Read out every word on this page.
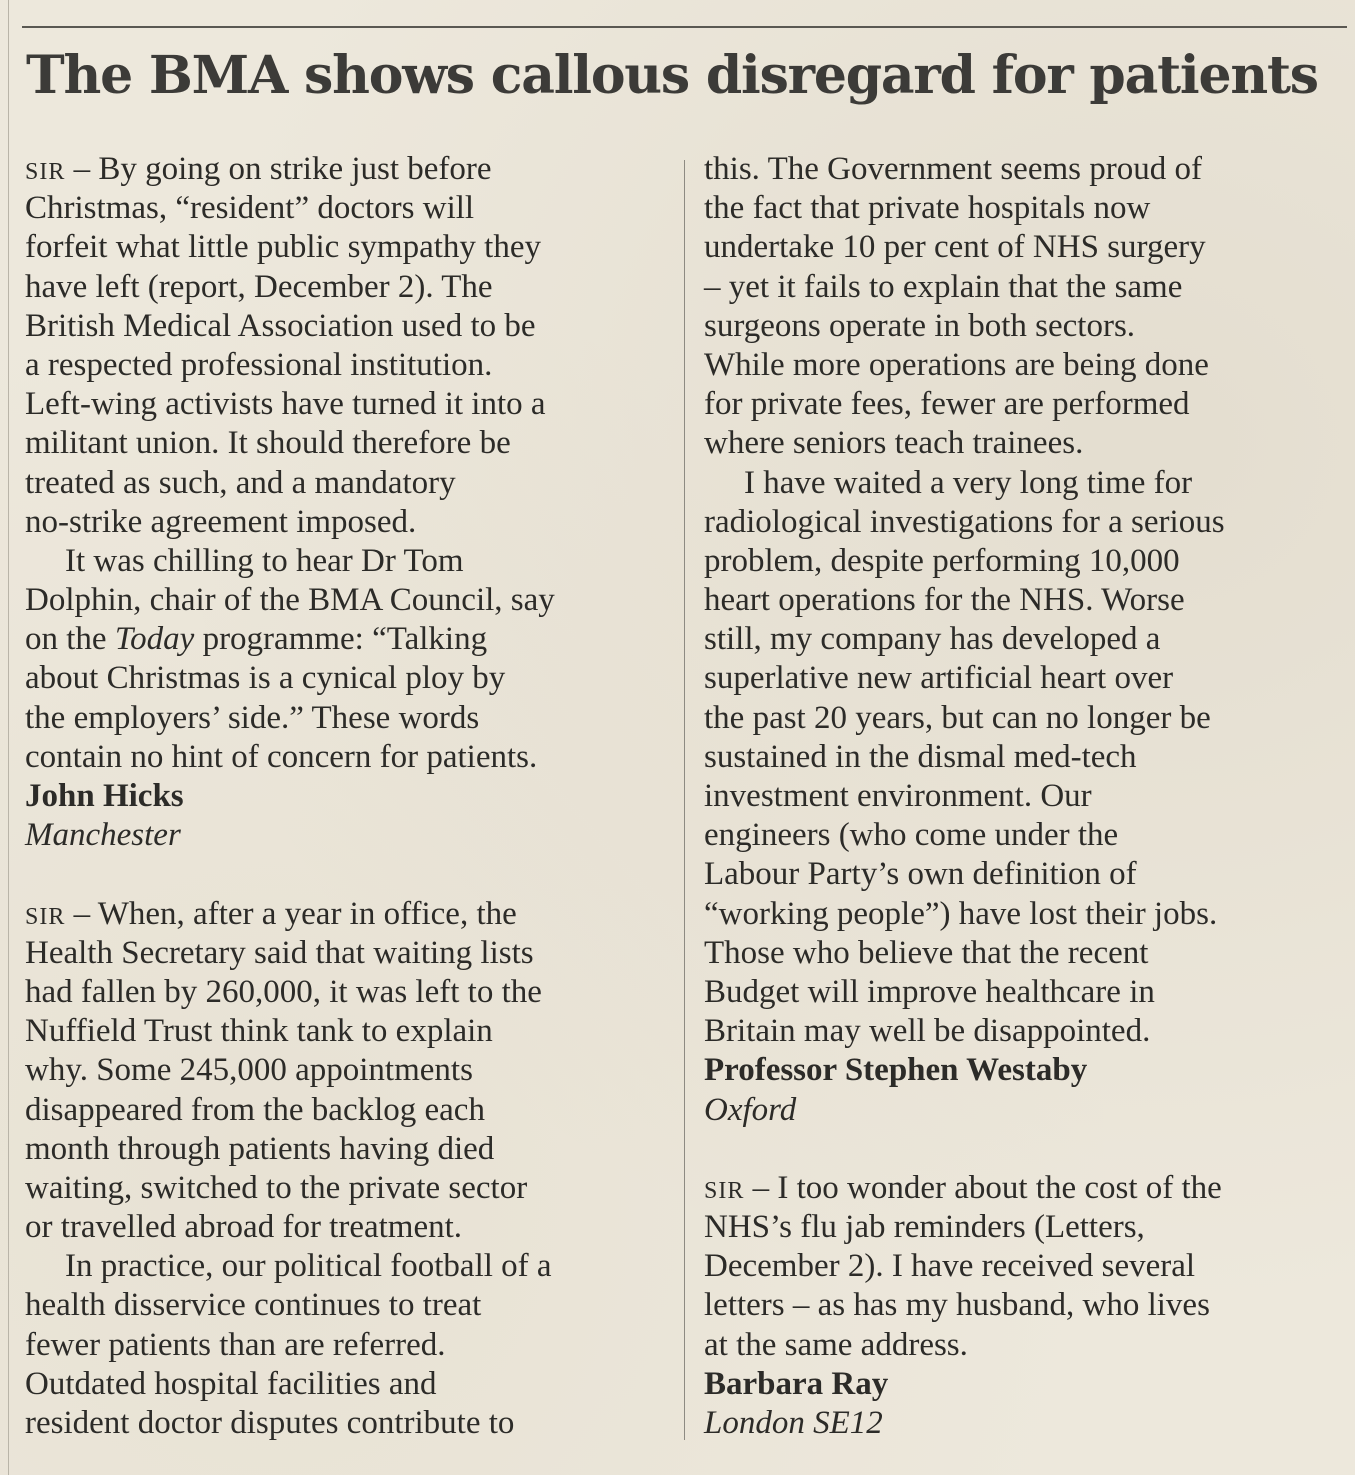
The BMA shows callous disregard for patients
SIR – By going on strike just before
Christmas, “resident” doctors will
forfeit what little public sympathy they
have left (report, December 2). The
British Medical Association used to be
a respected professional institution.
Left-wing activists have turned it into a
militant union. It should therefore be
treated as such, and a mandatory
no-strike agreement imposed.
It was chilling to hear Dr Tom
Dolphin, chair of the BMA Council, say
on the Today programme: “Talking
about Christmas is a cynical ploy by
the employers’ side.” These words
contain no hint of concern for patients.
John Hicks
Manchester
SIR – When, after a year in office, the
Health Secretary said that waiting lists
had fallen by 260,000, it was left to the
Nuffield Trust think tank to explain
why. Some 245,000 appointments
disappeared from the backlog each
month through patients having died
waiting, switched to the private sector
or travelled abroad for treatment.
In practice, our political football of a
health disservice continues to treat
fewer patients than are referred.
Outdated hospital facilities and
resident doctor disputes contribute to
this. The Government seems proud of
the fact that private hospitals now
undertake 10 per cent of NHS surgery
– yet it fails to explain that the same
surgeons operate in both sectors.
While more operations are being done
for private fees, fewer are performed
where seniors teach trainees.
I have waited a very long time for
radiological investigations for a serious
problem, despite performing 10,000
heart operations for the NHS. Worse
still, my company has developed a
superlative new artificial heart over
the past 20 years, but can no longer be
sustained in the dismal med-tech
investment environment. Our
engineers (who come under the
Labour Party’s own definition of
“working people”) have lost their jobs.
Those who believe that the recent
Budget will improve healthcare in
Britain may well be disappointed.
Professor Stephen Westaby
Oxford
SIR – I too wonder about the cost of the
NHS’s flu jab reminders (Letters,
December 2). I have received several
letters – as has my husband, who lives
at the same address.
Barbara Ray
London SE12
